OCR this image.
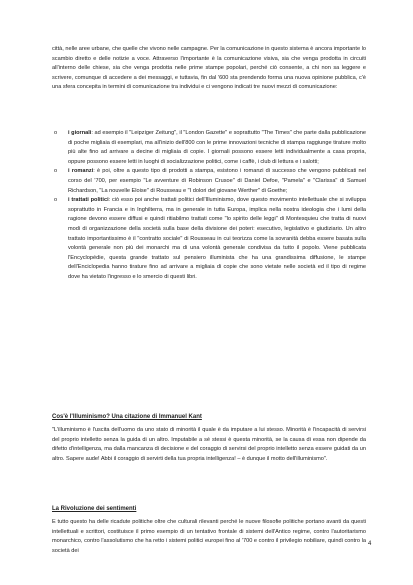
città, nelle aree urbane, che quelle che vivono nelle campagne. Per la comunicazione in questo sistema è ancora importante lo scambio diretto e delle notizie a voce. Attraverso l'importante è la comunicazione visiva, sia che venga prodotta in circuiti all'interno delle chiese, sia che venga prodotta nelle prime stampe popolari, perché ciò consente, a chi non sa leggere e scrivere, comunque di accedere a dei messaggi, e tuttavia, fin dal '600 sta prendendo forma una nuova opinione pubblica, c'è una sfera concepita in termini di comunicazione tra individui e ci vengono indicati tre nuovi mezzi di comunicazione:

o i giornali: ad esempio il "Leipziger Zeitung", il "London Gazette" e soprattutto "The Times" che parte dalla pubblicazione di poche migliaia di esemplari, ma all'inizio dell'800 con le prime innovazioni tecniche di stampa raggiunge tirature molto più alte fino ad arrivare a decine di migliaia di copie. I giornali possono essere letti individualmente a casa propria, oppure possono essere letti in luoghi di socializzazione politici, come i caffè, i club di lettura e i salotti;
o i romanzi: è poi, oltre a questo tipo di prodotti a stampa, esistono i romanzi di successo che vengono pubblicati nel corso del '700, per esempio "Le avventure di Robinson Crusoe" di Daniel Defoe, "Pamela" e "Clarissa" di Samuel Richardson, "La nouvelle Eloise" di Rousseau e "I dolori del giovane Werther" di Goethe;
o i trattati politici: ciò esso poi anche trattati politici dell'Illuminismo, dove questo movimento intellettuale che si sviluppa soprattutto in Francia e in Inghilterra, ma in generale in tutta Europa, implica nella nostra ideologia che i lumi della ragione devono essere diffusi e quindi ritiabilmo trattati come "lo spirito delle leggi" di Montesquieu che tratta di nuovi modi di organizzazione della società sulla base della divisione dei poteri: esecutivo, legislativo e giudiziario. Un altro trattato importantissimo è il "contratto sociale" di Rousseau in cui teorizza come la sovranità debba essere basata sulla volontà generale non più dei monarchi ma di una volontà generale condivisa da tutto il popolo. Viene pubblicata l'Encyclopédie, questa grande trattato sul pensiero illuminista che ha una grandissima diffusione, le stampe dell'Enciclopedia hanno tirature fino ad arrivare a migliaia di copie che sono vietate nelle società ed il tipo di regime dove ha vietato l'ingresso e lo smercio di questi libri.
Cos'è l'Illuminismo? Una citazione di Immanuel Kant

"L'illuminismo è l'uscita dell'uomo da uno stato di minorità il quale è da imputare a lui stesso. Minorità è l'incapacità di servirsi del proprio intelletto senza la guida di un altro. Imputabile a sé stessi è questa minorità, se la causa di essa non dipende da difetto d'intelligenza, ma dalla mancanza di decisione e del coraggio di servirsi del proprio intelletto senza essere guidati da un altro. Sapere aude! Abbi il coraggio di servirti della tua propria intelligenza! – è dunque il motto dell'illuminismo".

La Rivoluzione dei sentimenti

E tutto questo ha delle ricadute politiche oltre che culturali rilevanti perché le nuove filosofie politiche portano avanti da questi intellettuali e scrittori, costituisce il primo esempio di un tentativo frontale di sistemi dell'Antico regime, contro l'autoritarismo monarchico, contro l'assolutismo che ha retto i sistemi politici europei fino al '700 e contro il privilegio nobiliare, quindi contro la società dei

4
